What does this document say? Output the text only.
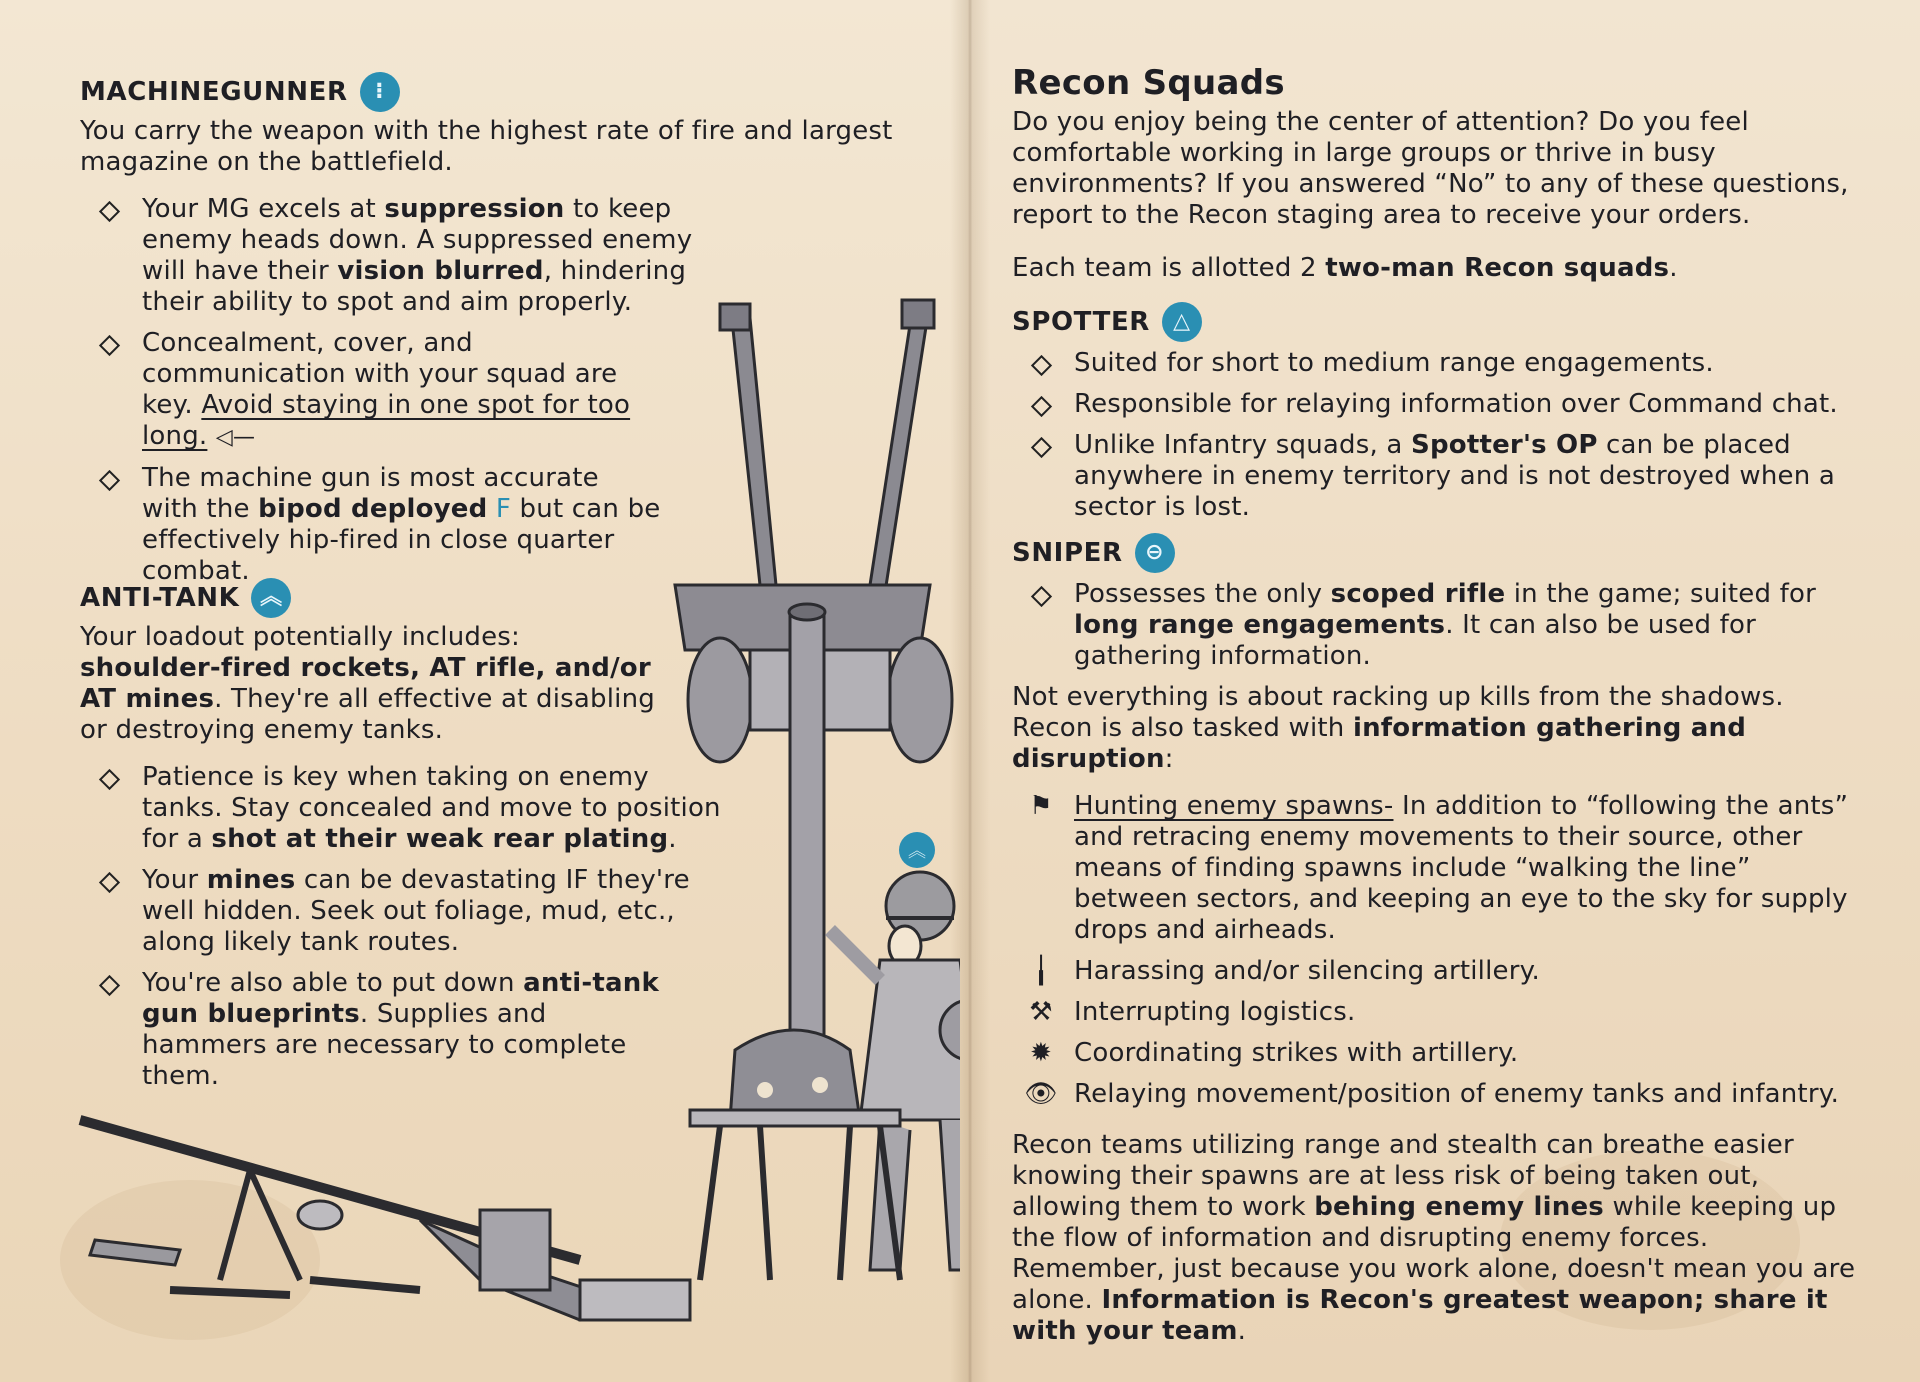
MACHINEGUNNER	⁝
You carry the weapon with the highest rate of fire and largest magazine on the battlefield.
Your MG excels at suppression to keep enemy heads down. A suppressed enemy will have their vision blurred, hindering their ability to spot and aim properly.
Concealment, cover, and communication with your squad are key. Avoid staying in one spot for too long. ◁—
The machine gun is most accurate with the bipod deployed F but can be effectively hip-fired in close quarter combat.
ANTI-TANK ︽
Your loadout potentially includes: shoulder-fired rockets, AT rifle, and/or AT mines. They're all effective at disabling or destroying enemy tanks.
Patience is key when taking on enemy tanks. Stay concealed and move to position for a shot at their weak rear plating.
Your mines can be devastating IF they're well hidden. Seek out foliage, mud, etc., along likely tank routes.
You're also able to put down anti-tank gun blueprints. Supplies and hammers are necessary to complete them.
︽
Recon Squads
Do you enjoy being the center of attention? Do you feel comfortable working in large groups or thrive in busy environments? If you answered “No” to any of these questions, report to the Recon staging area to receive your orders.
Each team is allotted 2 two-man Recon squads.
SPOTTER	△
Suited for short to medium range engagements.
Responsible for relaying information over Command chat.
Unlike Infantry squads, a Spotter's OP can be placed anywhere in enemy territory and is not destroyed when a sector is lost.
SNIPER	⊖
Possesses the only scoped rifle in the game; suited for long range engagements. It can also be used for gathering information.
Not everything is about racking up kills from the shadows. Recon is also tasked with information gathering and disruption:
⚑ Hunting enemy spawns- In addition to “following the ants” and retracing enemy movements to their source, other means of finding spawns include “walking the line” between sectors, and keeping an eye to the sky for supply drops and airheads.
╽ Harassing and/or silencing artillery.
⚒ Interrupting logistics.
✹ Coordinating strikes with artillery.
👁 Relaying movement/position of enemy tanks and infantry.
Recon teams utilizing range and stealth can breathe easier knowing their spawns are at less risk of being taken out, allowing them to work behing enemy lines while keeping up the flow of information and disrupting enemy forces. Remember, just because you work alone, doesn't mean you are alone. Information is Recon's greatest weapon; share it with your team.
